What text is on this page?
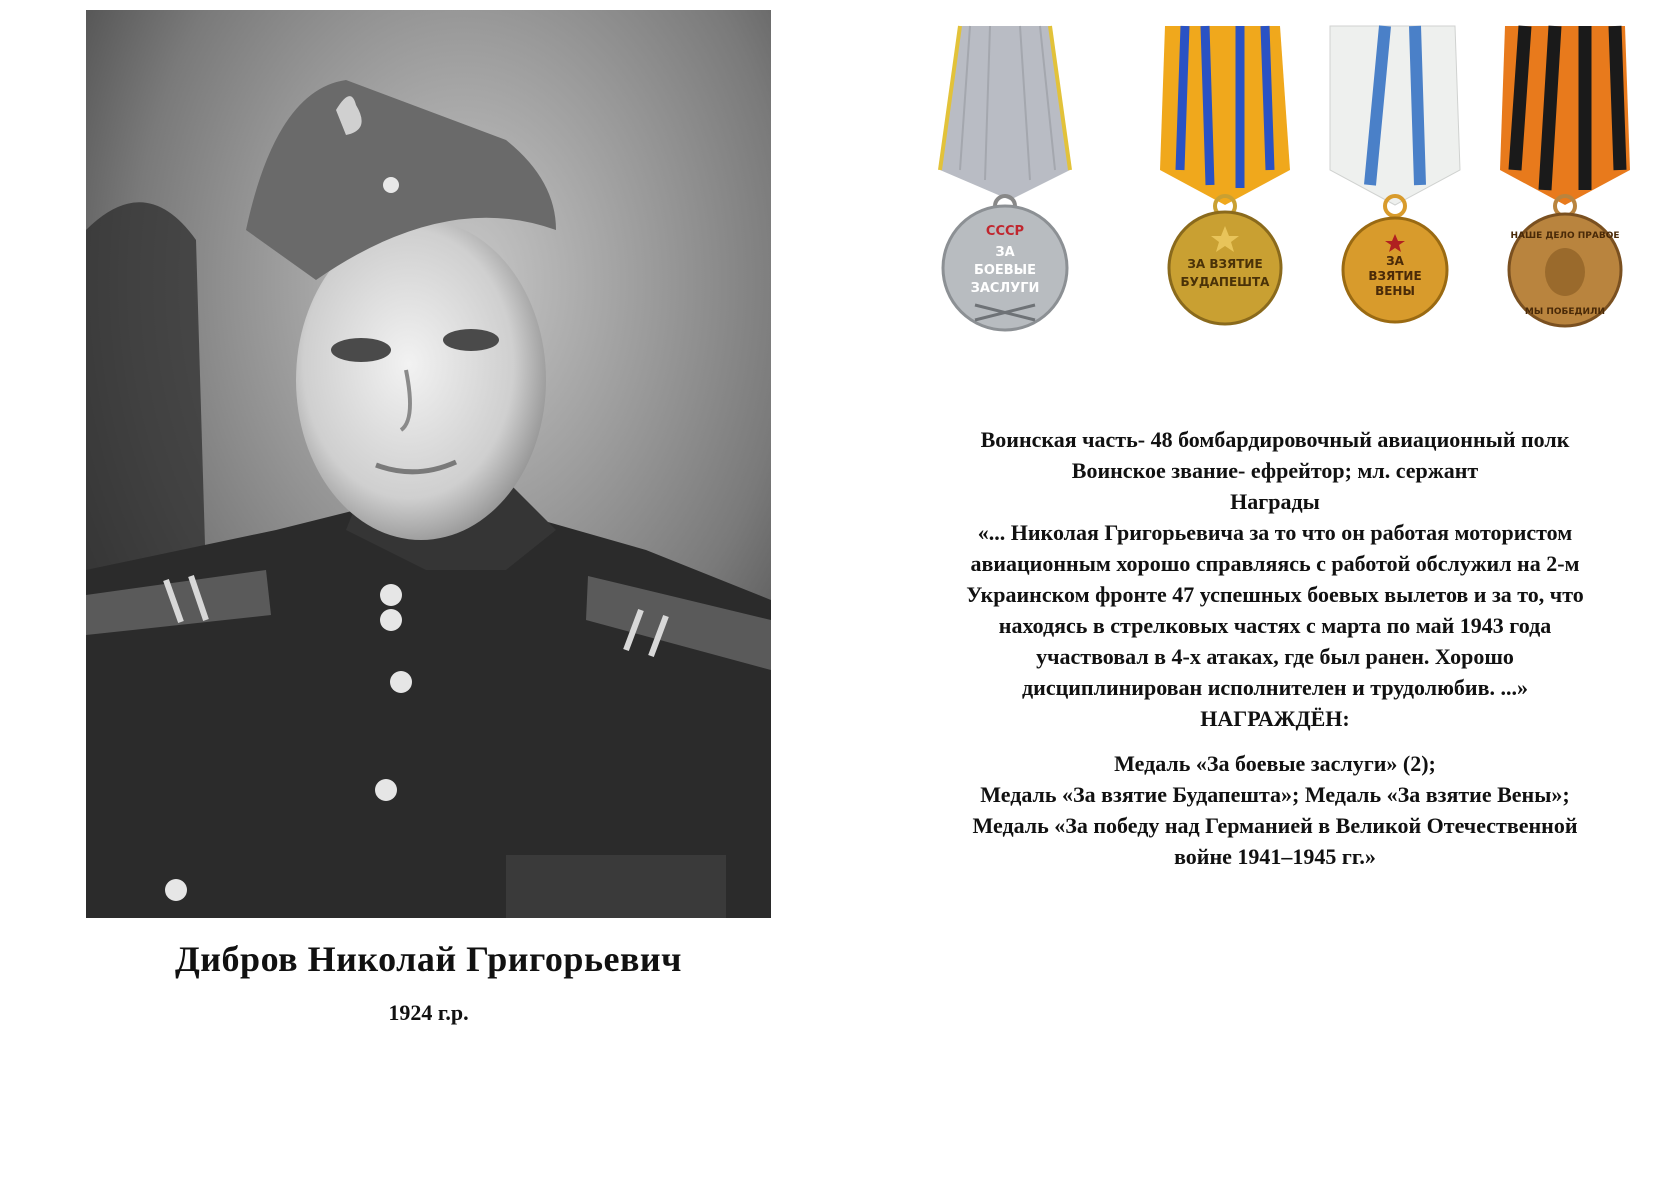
Дибров Николай Григорьевич
1924 г.р.
СССР
ЗА
БОЕВЫЕ
ЗАСЛУГИ
ЗА ВЗЯТИЕ
БУДАПЕШТА
ЗА
ВЗЯТИЕ
ВЕНЫ
НАШЕ ДЕЛО ПРАВОЕ
МЫ ПОБЕДИЛИ

Воинская часть- 48 бомбардировочный авиационный полк

Воинское звание- ефрейтор; мл. сержант

Награды

«... Николая Григорьевича за то что он работая мотористом

авиационным хорошо справляясь с работой обслужил на 2-м

Украинском фронте 47 успешных боевых вылетов и за то, что

находясь в стрелковых частях с марта по май 1943 года

участвовал в 4-х атаках, где был ранен. Хорошо

дисциплинирован исполнителен и трудолюбив. ...»

НАГРАЖДЁН:

Медаль «За боевые заслуги» (2);

Медаль «За взятие Будапешта»; Медаль «За взятие Вены»;

Медаль «За победу над Германией в Великой Отечественной

войне 1941–1945 гг.»
